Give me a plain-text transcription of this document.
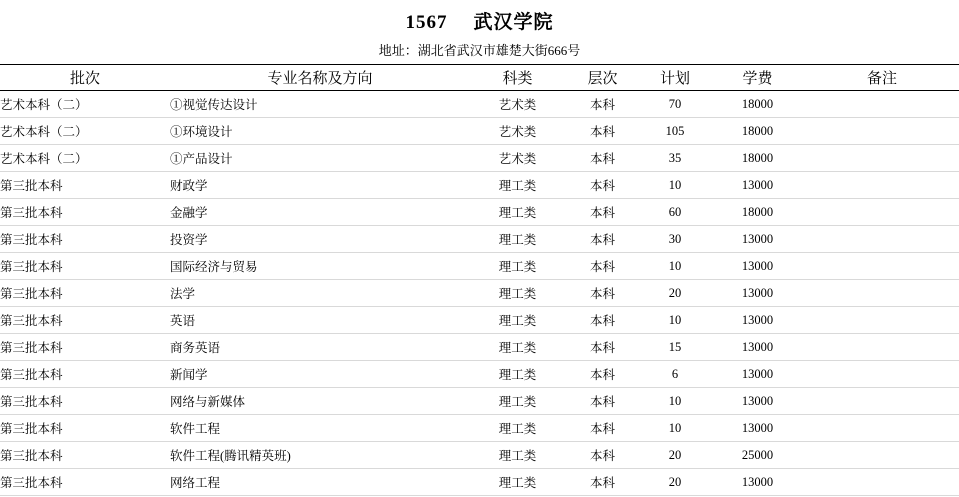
1567 武汉学院
地址：湖北省武汉市雄楚大街666号
批次	专业名称及方向	科类	层次	计划	学费	备注
艺术本科（二）	①视觉传达设计	艺术类	本科	70	18000	
艺术本科（二）	①环境设计	艺术类	本科	105	18000	
艺术本科（二）	①产品设计	艺术类	本科	35	18000	
第三批本科	财政学	理工类	本科	10	13000	
第三批本科	金融学	理工类	本科	60	18000	
第三批本科	投资学	理工类	本科	30	13000	
第三批本科	国际经济与贸易	理工类	本科	10	13000	
第三批本科	法学	理工类	本科	20	13000	
第三批本科	英语	理工类	本科	10	13000	
第三批本科	商务英语	理工类	本科	15	13000	
第三批本科	新闻学	理工类	本科	6	13000	
第三批本科	网络与新媒体	理工类	本科	10	13000	
第三批本科	软件工程	理工类	本科	10	13000	
第三批本科	软件工程(腾讯精英班)	理工类	本科	20	25000	
第三批本科	网络工程	理工类	本科	20	13000	
